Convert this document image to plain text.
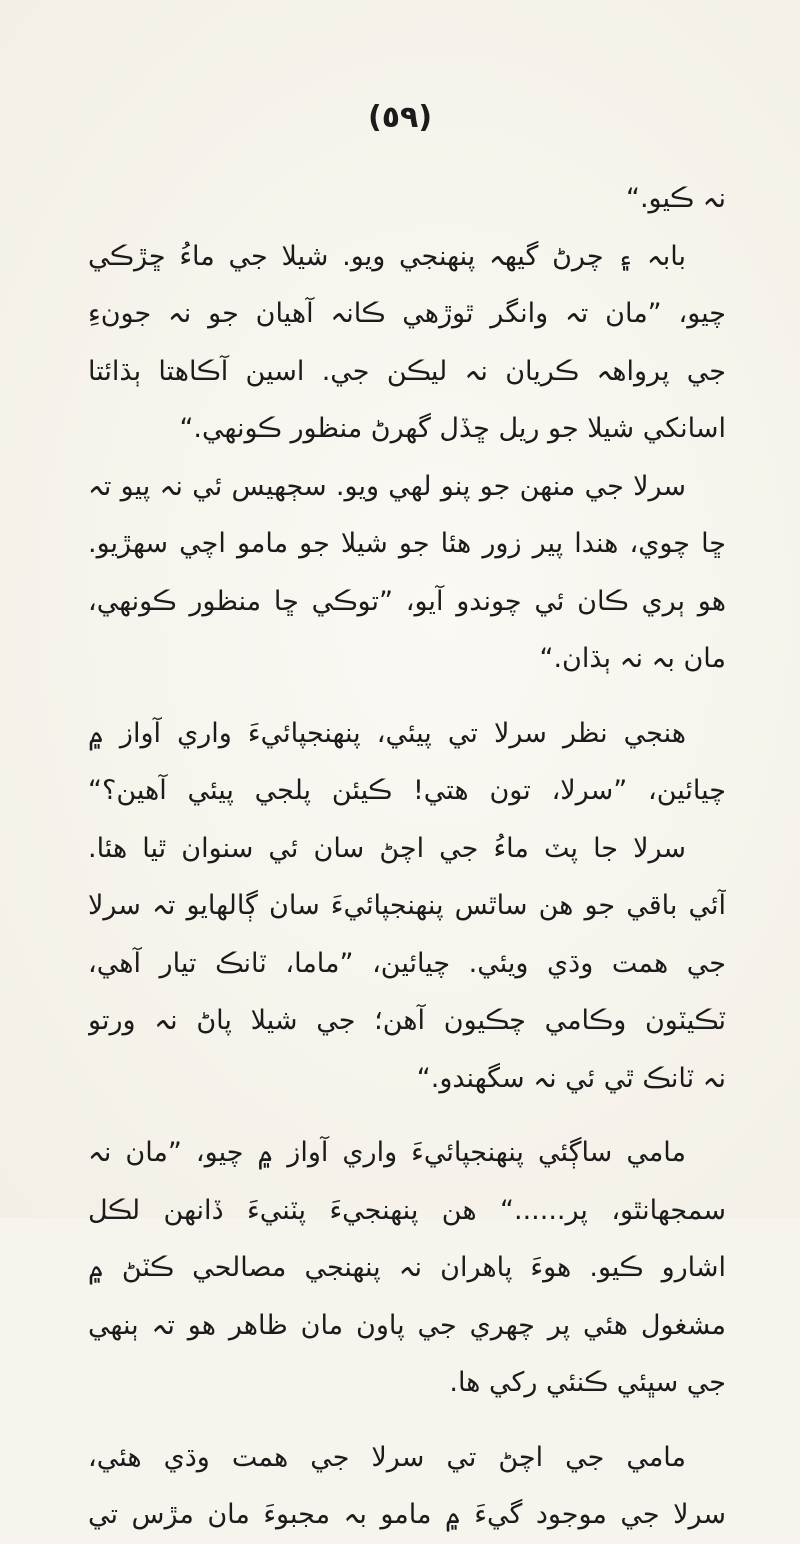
(٥٩)
نہ ڪيو.“
بابہ ۽ چرڻ گيهہ پنهنجي ويو. شيلا جي ماءُ ڇڙڪي
چيو، ”مان تہ وانگر ٿوڙهي ڪانہ آهيان جو نہ جونءِ
جي پرواهہ ڪريان نہ ليڪن جي. اسين آڪاهتا ٻڌائتا
اسانکي شيلا جو ريل ڇڏل گهرڻ منظور ڪونهي.“
سرلا جي منهن جو پنو لهي ويو. سڄهيس ئي نہ پيو تہ
ڇا چوي، هندا پير زور هئا جو شيلا جو مامو اچي سهڙيو.
هو ٻري ڪان ئي چوندو آيو، ”توڪي ڇا منظور ڪونهي،
مان بہ نہ ٻڌان.“
هنجي نظر سرلا تي پيئي، پنهنجپائيءَ واري آواز ۾
چيائين، ”سرلا، تون هتي! ڪيئن پلجي پيئي آهين؟“
سرلا جا پٽ ماءُ جي اچڻ سان ئي سنوان ٿيا هئا.
آئي باقي جو هن ساٿس پنهنجپائيءَ سان ڳالهايو تہ سرلا
جي همت وڌي ويئي. چيائين، ”ماما، ٽانڪ تيار آهي،
ٽڪيٽون وڪامي چڪيون آهن؛ جي شيلا پاڻ نہ ورتو
نہ ٽانڪ ٿي ئي نہ سگهندو.“
مامي ساڳئي پنهنجپائيءَ واري آواز ۾ چيو، ”مان نہ
سمجهانٿو، پر......“ هن پنهنجيءَ پٽنيءَ ڏانهن لڪل
اشارو ڪيو. هوءَ پاهران نہ پنهنجي مصالحي ڪٽڻ ۾
مشغول هئي پر چهري جي پاون مان ظاهر هو تہ ٻنهي
جي سڀئي ڪنئي رکي ها.
مامي جي اچڻ تي سرلا جي همت وڌي هئي،
سرلا جي موجود گيءَ ۾ مامو بہ مجبوءَ مان مڙس تي
